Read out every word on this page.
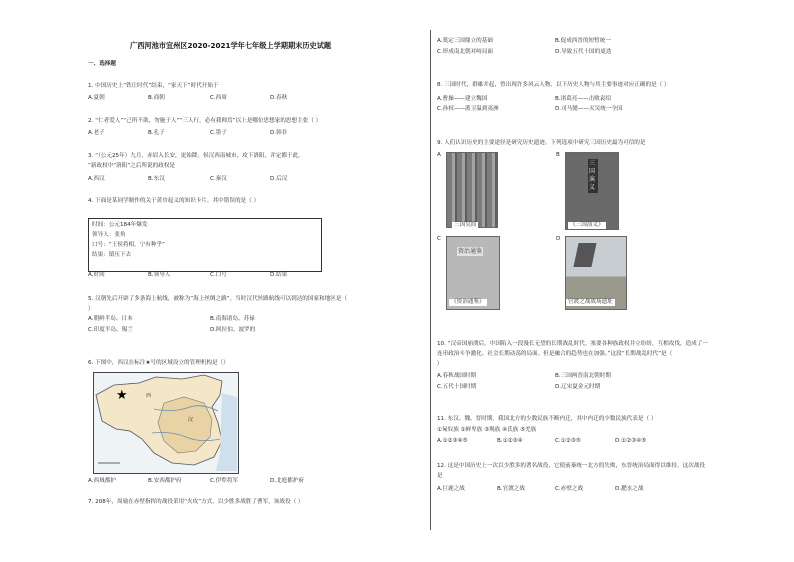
广西河池市宜州区2020-2021学年七年级上学期期末历史试题
一、选择题
1. 中国历史上“铁让时代”结束，“家天下”时代开始于
A.夏朝	B.商朝	C.西周	D.春秋
2. “仁者爱人”“己所不欲，勿施于人”“三人行，必有我师焉”以上是哪位思想家的思想主张（ ）
A.老子	B.孔子	C.墨子	D.韩非
3. “（公元25年）九月，赤眉入长安，更始降。侯汉西南城市，攻下洛阳，并定都于此。
”新政权中“洛阳”之后所说的政权是
A.西汉	B.东汉	C.秦汉	D.后汉
4. 下面是某同学制作的关于黄巾起义的知识卡片，其中错误的是（ ）
时间：公元184年爆发
领导人：张角
口号：“王侯将相，宁有种乎”
结果：镇压下去
A.时间	B.领导人	C.口号	D.结果
5. 汉朝先后开辟了多条海上航线，被称为“海上丝绸之路”。当时汉代丝路航线可以到达的国家和地区是（
）
A.朝鲜半岛、日本	B.南海诸岛、苏禄
C.印度半岛、锡兰	D.阿拉伯、波罗的
6. 下图中，西汉在标注★号的区域设立的管理机构是（）
★	西
汉
A.西域都护	B.安西都护府	C.伊犁将军	D.北庭都护府
7. 208年，周瑜在赤壁指挥的战役采用“火攻”方式，以少胜多战胜了曹军，该战役（ ）
A.奠定三国鼎立的基础	B.促成西晋的短暂统一
C.形成南北朝对峙局面	D.导致五代十国的更迭
8. 三国时代，群雄并起，曾出现许多风云人物，以下历史人物与其主要事迹对应正确的是（ ）
A.曹操——建立魏国	B.诸葛亮——击败袁绍
C.孙权——派卫温到夷洲	D.司马懿——灭吴统一全国
9. 人们认识历史的主要途径是研究历史遗迹。下列选项中研究三国历史最为可信的是
A
三国吴简
B
三国演义
《三国演义》
C
资治通鉴
《资治通鉴》
D
官渡之战战场遗址
10. “汉帝国崩溃后，中国陷入一段漫长无望的长期战乱时代。塞要各种族政权并立纷纷，互相攻伐，造成了一
连串政治斗争激化、社会长期动荡的局面。但是融合的趋势也在加强。”这段“长期战乱时代”是（
）
A.春秋战国时期	B.三国两晋南北朝时期
C.五代十国时期	D.辽宋夏金元时期
11. 东汉、魏、晋时期，我国北方的少数民族不断内迁，其中内迁的少数民族代表是（ ）
①匈奴族 ②鲜卑族 ③羯族 ④氐族 ⑤羌族
A.①②③④⑤	B.①②③④	C.①②③⑤	D.①②③④⑤
12. 这是中国历史上一次以少胜多的著名战役，它使前秦统一北方的失败，东晋统治局面得以维持。这次战役
是
A.巨鹿之战	B.官渡之战	C.赤壁之战	D.淝水之战
